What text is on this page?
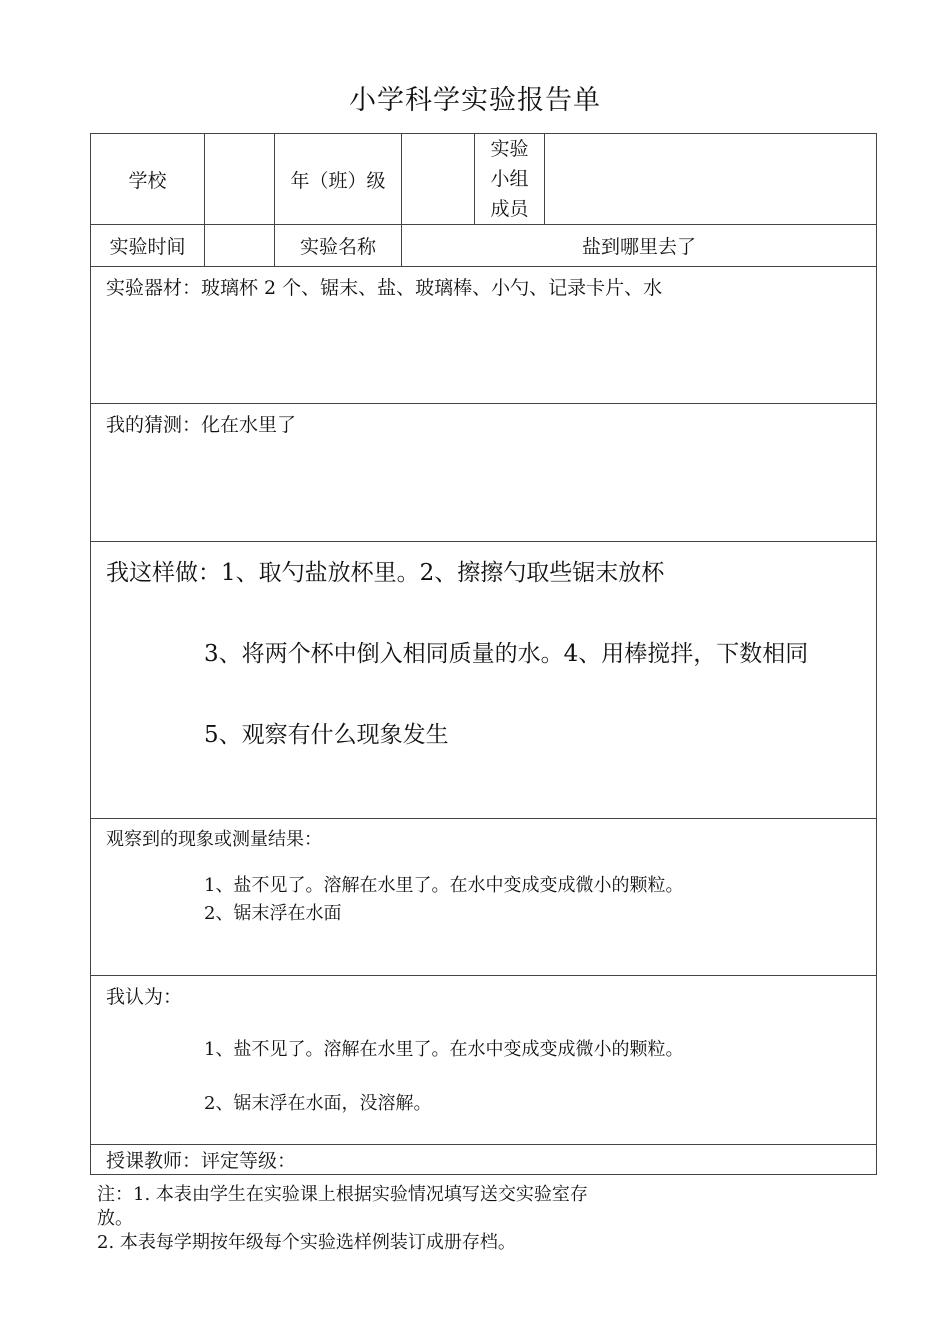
小学科学实验报告单
学校		年（班）级		实验
小组
成员	

实验时间		实验名称	盐到哪里去了		

实验器材：玻璃杯 2 个、锯末、盐、玻璃棒、小勺、记录卡片、水					

我的猜测：化在水里了					

我这样做：1、取勺盐放杯里。2、擦擦勺取些锯末放杯
3、将两个杯中倒入相同质量的水。4、用棒搅拌，下数相同
5、观察有什么现象发生					

观察到的现象或测量结果：
1、盐不见了。溶解在水里了。在水中变成变成微小的颗粒。
2、锯末浮在水面					

我认为：
1、盐不见了。溶解在水里了。在水中变成变成微小的颗粒。
2、锯末浮在水面，没溶解。					

授课教师：评定等级：					
注：1. 本表由学生在实验课上根据实验情况填写送交实验室存
放。
2. 本表每学期按年级每个实验选样例装订成册存档。
